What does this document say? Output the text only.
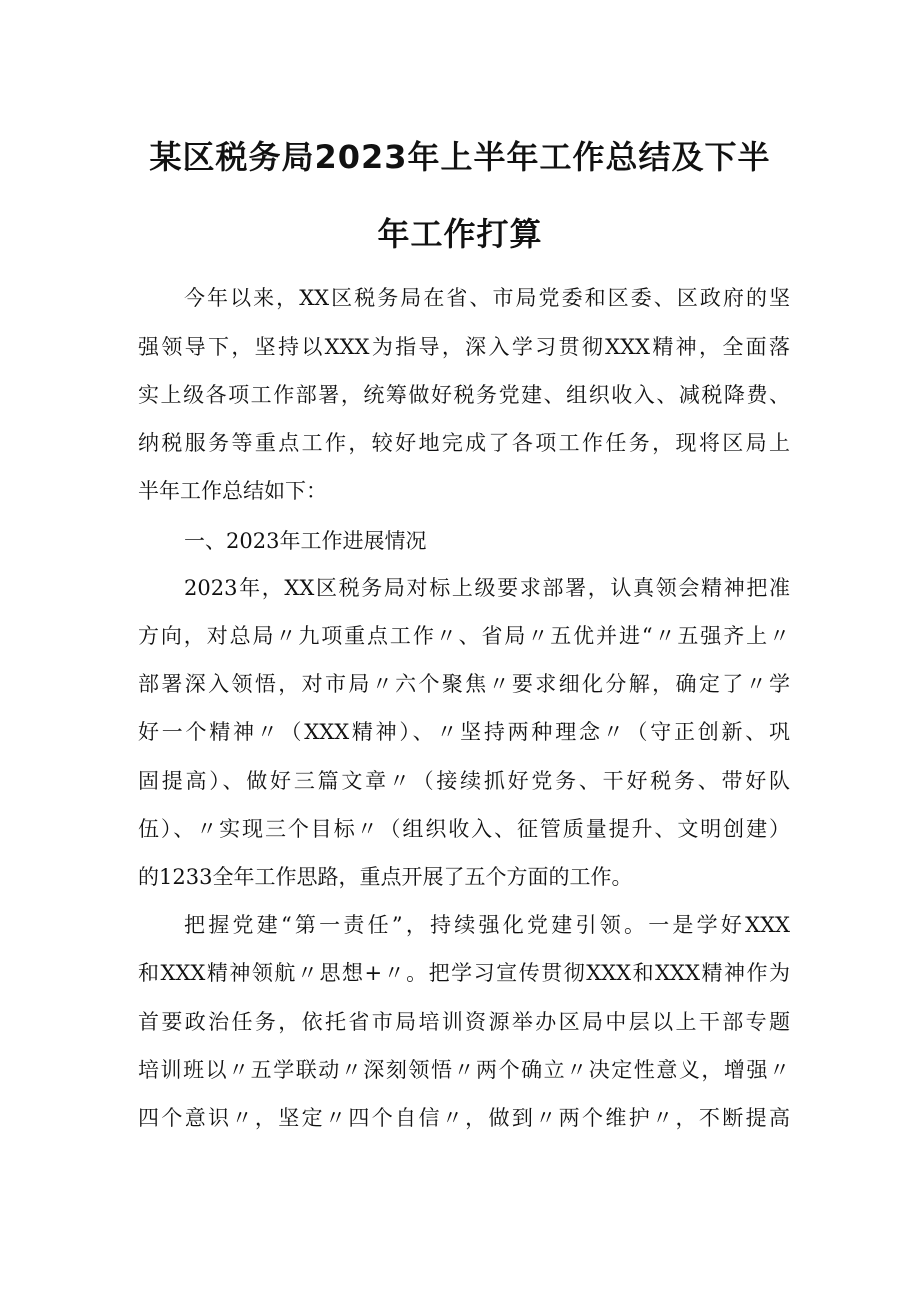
某区税务局2023年上半年工作总结及下半
年工作打算
今年以来，XX区税务局在省、市局党委和区委、区政府的坚
强领导下，坚持以XXX为指导，深入学习贯彻XXX精神，全面落
实上级各项工作部署，统筹做好税务党建、组织收入、减税降费、
纳税服务等重点工作，较好地完成了各项工作任务，现将区局上
半年工作总结如下：
一、2023年工作进展情况
2023年，XX区税务局对标上级要求部署，认真领会精神把准
方向，对总局〃九项重点工作〃、省局〃五优并进“〃五强齐上〃
部署深入领悟，对市局〃六个聚焦〃要求细化分解，确定了〃学
好一个精神〃（XXX精神）、〃坚持两种理念〃（守正创新、巩
固提高）、做好三篇文章〃（接续抓好党务、干好税务、带好队
伍）、〃实现三个目标〃（组织收入、征管质量提升、文明创建）
的1233全年工作思路，重点开展了五个方面的工作。
把握党建“第一责任”，持续强化党建引领。一是学好XXX
和XXX精神领航〃思想+〃。把学习宣传贯彻XXX和XXX精神作为
首要政治任务，依托省市局培训资源举办区局中层以上干部专题
培训班以〃五学联动〃深刻领悟〃两个确立〃决定性意义，增强〃
四个意识〃，坚定〃四个自信〃，做到〃两个维护〃，不断提高
